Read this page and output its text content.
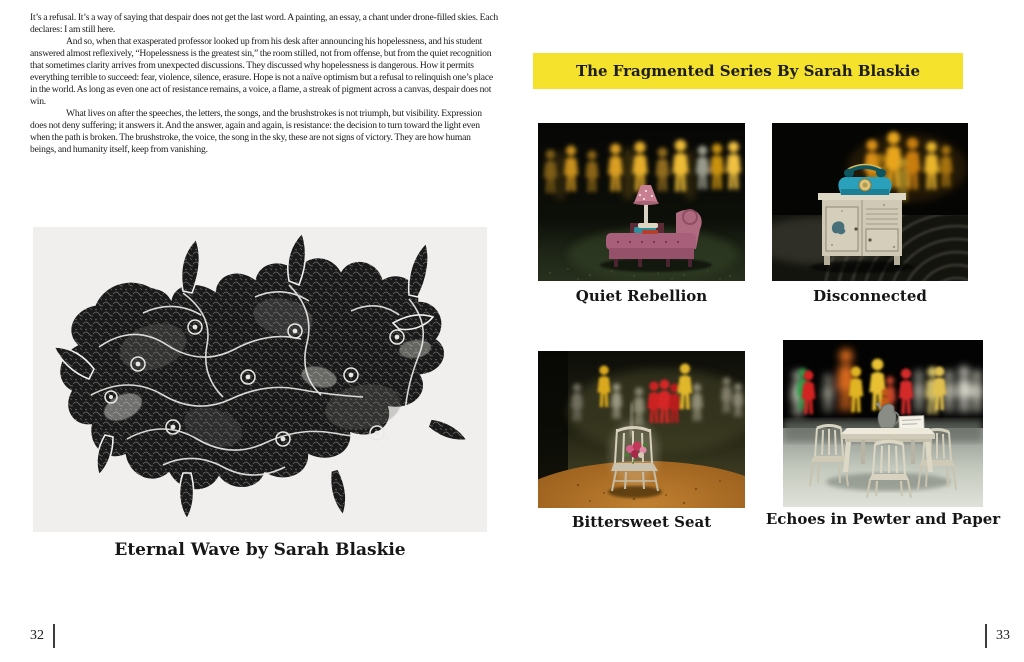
It’s a refusal. It’s a way of saying that despair does not get the last word. A painting, an essay, a chant under drone-filled skies. Each declares: I am still here.

And so, when that exasperated professor looked up from his desk after announcing his hopelessness, and his student answered almost reflexively, “Hopelessness is the greatest sin,” the room stilled, not from offense, but from the quiet recognition that sometimes clarity arrives from unexpected discussions. They discussed why hopelessness is dangerous. How it permits everything terrible to succeed: fear, violence, silence, erasure. Hope is not a naïve optimism but a refusal to relinquish one’s place in the world. As long as even one act of resistance remains, a voice, a flame, a streak of pigment across a canvas, despair does not win.

What lives on after the speeches, the letters, the songs, and the brushstrokes is not triumph, but visibility. Expression does not deny suffering; it answers it. And the answer, again and again, is resistance: the decision to turn toward the light even when the path is broken. The brushstroke, the voice, the song in the sky, these are not signs of victory. They are how human beings, and humanity itself, keep from vanishing.

Eternal Wave by Sarah Blaskie
32
The Fragmented Series By Sarah Blaskie
Quiet Rebellion	Disconnected
Bittersweet Seat	Echoes in Pewter and Paper
33
